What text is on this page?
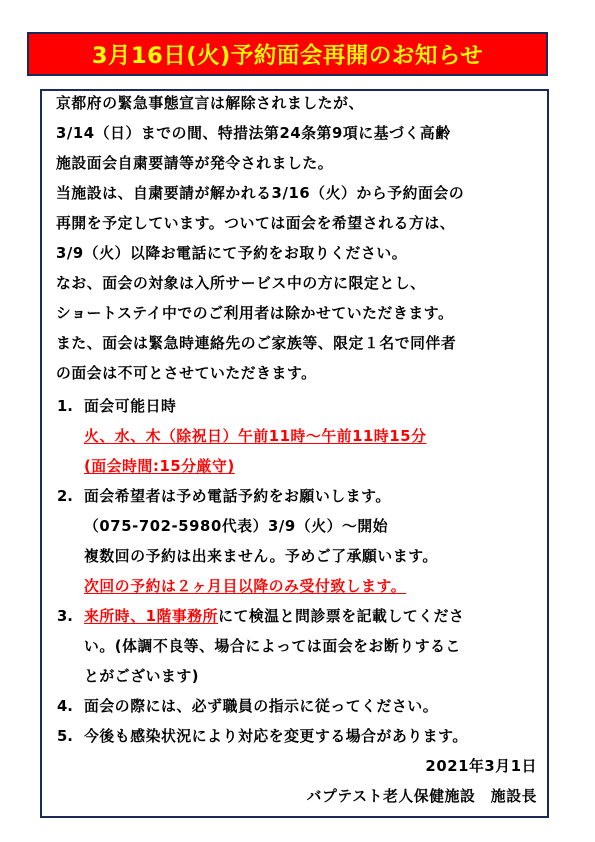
3月16日(火)予約面会再開のお知らせ
京都府の緊急事態宣言は解除されましたが、
3/14（日）までの間、特措法第24条第9項に基づく高齢
施設面会自粛要請等が発令されました。
当施設は、自粛要請が解かれる3/16（火）から予約面会の
再開を予定しています。ついては面会を希望される方は、
3/9（火）以降お電話にて予約をお取りください。
なお、面会の対象は入所サービス中の方に限定とし、
ショートステイ中でのご利用者は除かせていただきます。
また、面会は緊急時連絡先のご家族等、限定１名で同伴者
の面会は不可とさせていただきます。
1. 面会可能日時
火、水、木（除祝日）午前11時～午前11時15分
(面会時間:15分厳守)
2. 面会希望者は予め電話予約をお願いします。
（075-702-5980代表）3/9（火）～開始
複数回の予約は出来ません。予めご了承願います。
次回の予約は２ヶ月目以降のみ受付致します。
3. 来所時、1階事務所にて検温と問診票を記載してくださ
い。(体調不良等、場合によっては面会をお断りするこ
とがございます)
4. 面会の際には、必ず職員の指示に従ってください。
5. 今後も感染状況により対応を変更する場合があります。
2021年3月1日
バプテスト老人保健施設　施設長
